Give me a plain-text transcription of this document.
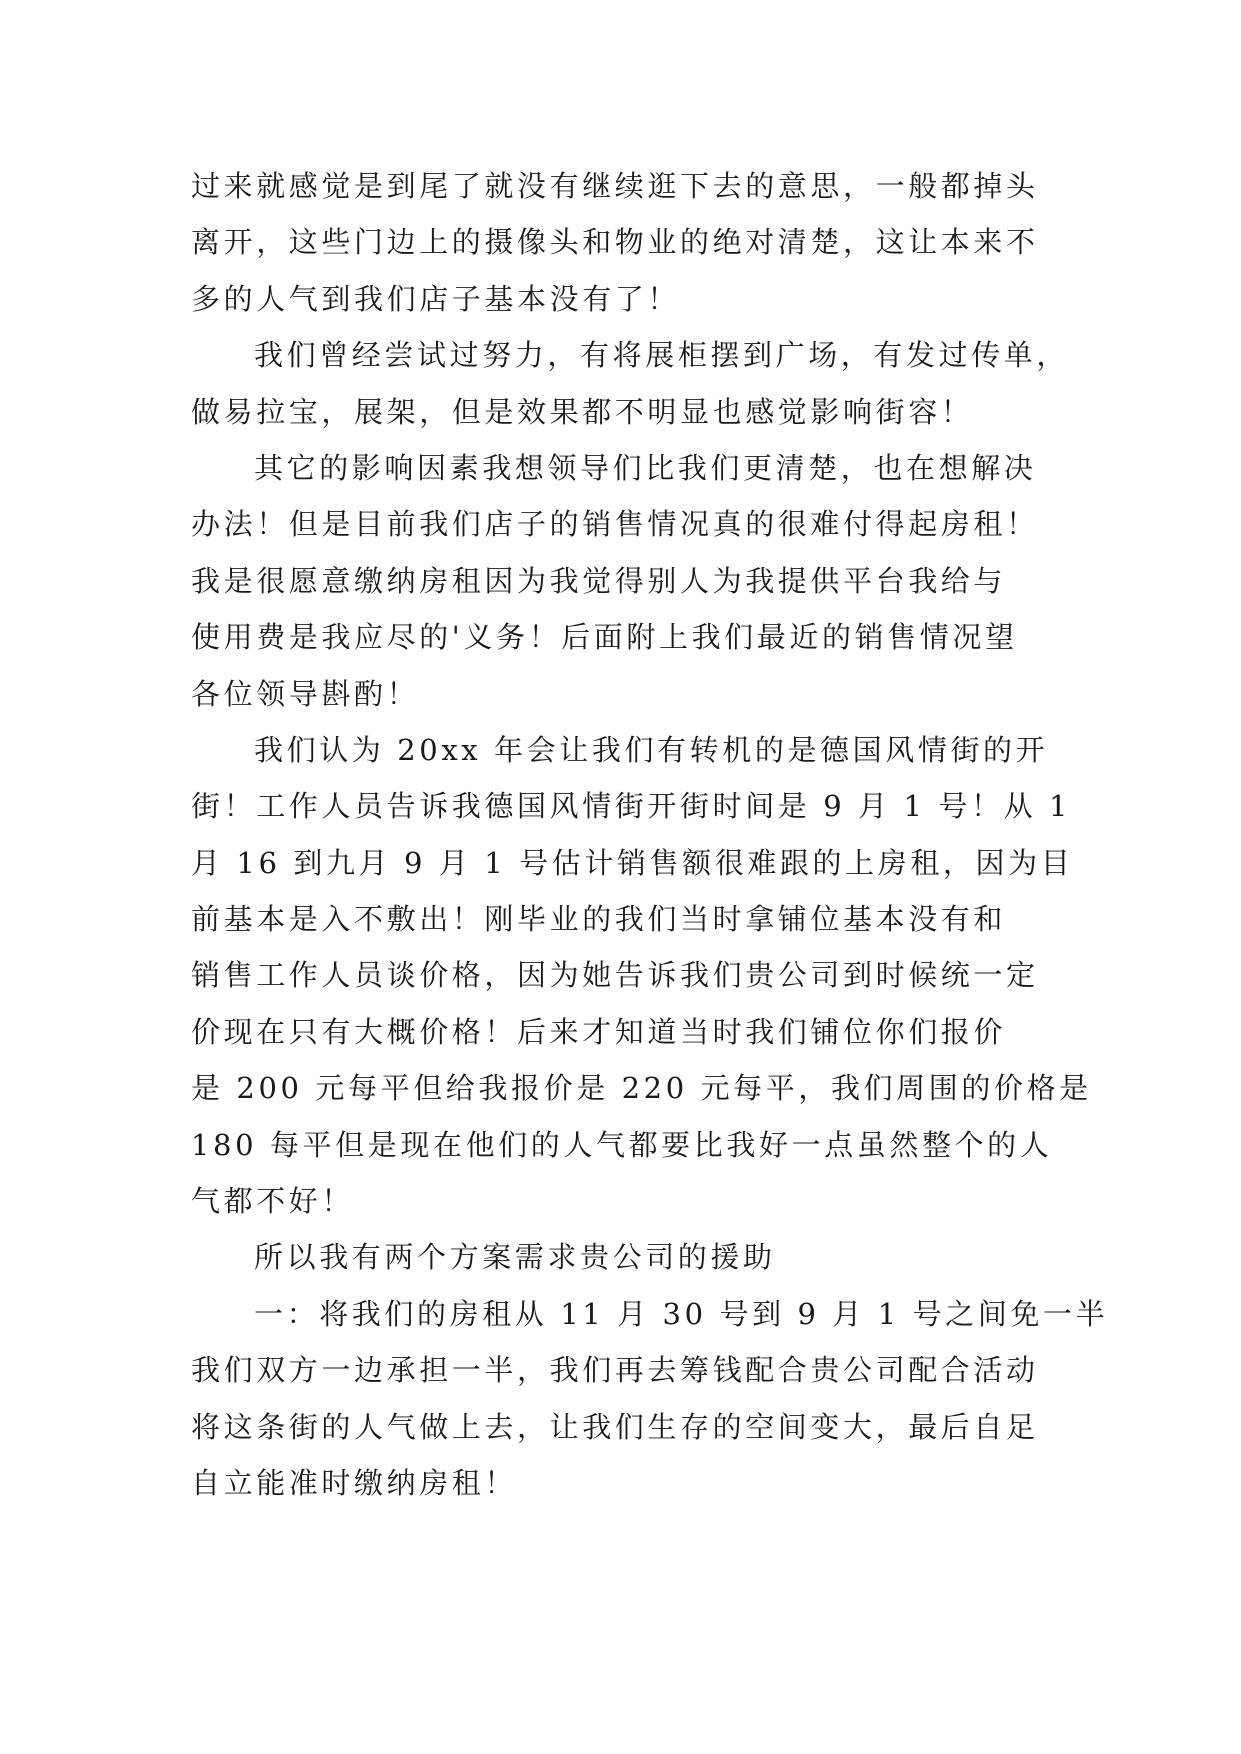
过来就感觉是到尾了就没有继续逛下去的意思，一般都掉头
离开，这些门边上的摄像头和物业的绝对清楚，这让本来不
多的人气到我们店子基本没有了！
我们曾经尝试过努力，有将展柜摆到广场，有发过传单，
做易拉宝，展架，但是效果都不明显也感觉影响街容！
其它的影响因素我想领导们比我们更清楚，也在想解决
办法！但是目前我们店子的销售情况真的很难付得起房租！
我是很愿意缴纳房租因为我觉得别人为我提供平台我给与
使用费是我应尽的'义务！后面附上我们最近的销售情况望
各位领导斟酌！
我们认为 20xx 年会让我们有转机的是德国风情街的开
街！工作人员告诉我德国风情街开街时间是 9 月 1 号！从 1
月 16 到九月 9 月 1 号估计销售额很难跟的上房租，因为目
前基本是入不敷出！刚毕业的我们当时拿铺位基本没有和
销售工作人员谈价格，因为她告诉我们贵公司到时候统一定
价现在只有大概价格！后来才知道当时我们铺位你们报价
是 200 元每平但给我报价是 220 元每平，我们周围的价格是
180 每平但是现在他们的人气都要比我好一点虽然整个的人
气都不好！
所以我有两个方案需求贵公司的援助
一：将我们的房租从 11 月 30 号到 9 月 1 号之间免一半
我们双方一边承担一半，我们再去筹钱配合贵公司配合活动
将这条街的人气做上去，让我们生存的空间变大，最后自足
自立能准时缴纳房租！
